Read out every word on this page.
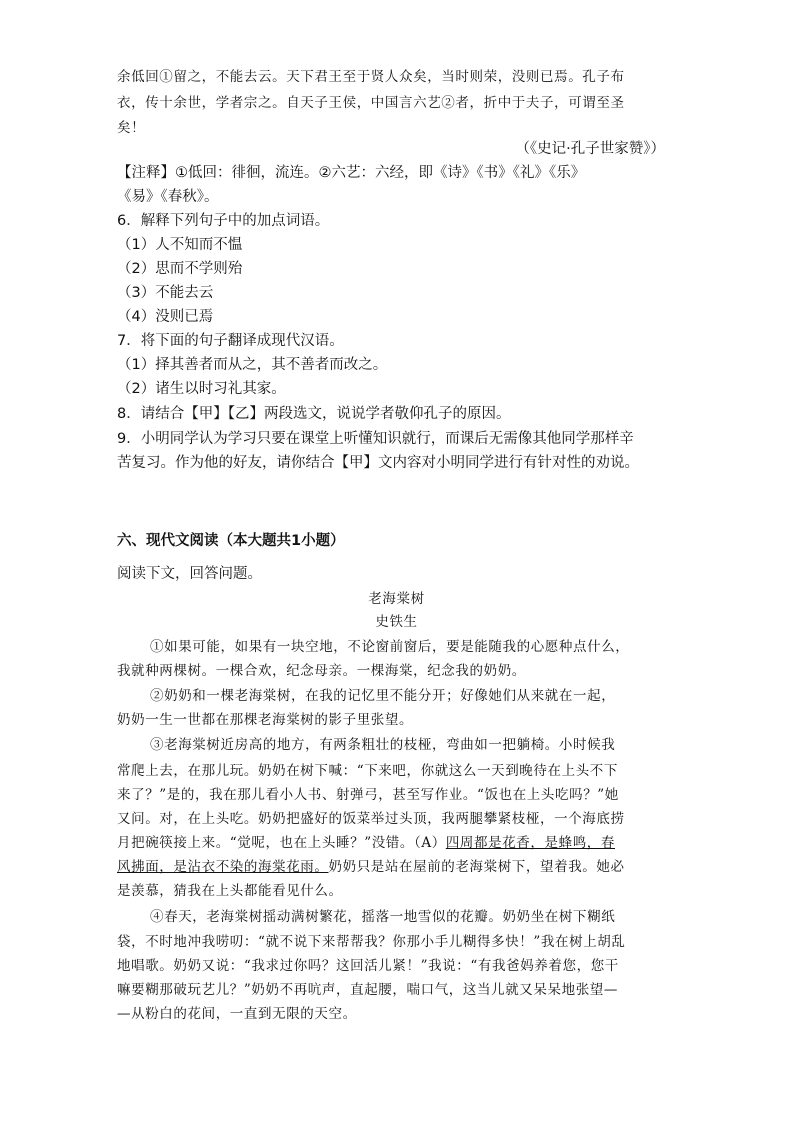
余低回①留之，不能去云。天下君王至于贤人众矣，当时则荣，没则已焉。孔子布
衣，传十余世，学者宗之。自天子王侯，中国言六艺②者，折中于夫子，可谓至圣
矣！
（《史记·孔子世家赞》）
【注释】①低回：徘徊，流连。②六艺：六经，即《诗》《书》《礼》《乐》
《易》《春秋》。
6．解释下列句子中的加点词语。
（1）人不知而不愠
（2）思而不学则殆
（3）不能去云
（4）没则已焉
7．将下面的句子翻译成现代汉语。
（1）择其善者而从之，其不善者而改之。
（2）诸生以时习礼其家。
8．请结合【甲】【乙】两段选文，说说学者敬仰孔子的原因。
9．小明同学认为学习只要在课堂上听懂知识就行，而课后无需像其他同学那样辛
苦复习。作为他的好友，请你结合【甲】文内容对小明同学进行有针对性的劝说。
六、现代文阅读（本大题共1小题）
阅读下文，回答问题。
老海棠树
史铁生
①如果可能，如果有一块空地，不论窗前窗后，要是能随我的心愿种点什么，
我就种两棵树。一棵合欢，纪念母亲。一棵海棠，纪念我的奶奶。
②奶奶和一棵老海棠树，在我的记忆里不能分开；好像她们从来就在一起，
奶奶一生一世都在那棵老海棠树的影子里张望。
③老海棠树近房高的地方，有两条粗壮的枝桠，弯曲如一把躺椅。小时候我
常爬上去，在那儿玩。奶奶在树下喊：“下来吧，你就这么一天到晚待在上头不下
来了？”是的，我在那儿看小人书、射弹弓，甚至写作业。“饭也在上头吃吗？”她
又问。对，在上头吃。奶奶把盛好的饭菜举过头顶，我两腿攀紧枝桠，一个海底捞
月把碗筷接上来。“觉呢，也在上头睡？”没错。（A）四周都是花香，是蜂鸣，春
风拂面，是沾衣不染的海棠花雨。奶奶只是站在屋前的老海棠树下，望着我。她必
是羡慕，猜我在上头都能看见什么。
④春天，老海棠树摇动满树繁花，摇落一地雪似的花瓣。奶奶坐在树下糊纸
袋，不时地冲我唠叨：“就不说下来帮帮我？你那小手儿糊得多快！”我在树上胡乱
地唱歌。奶奶又说：“我求过你吗？这回活儿紧！”我说：“有我爸妈养着您，您干
嘛要糊那破玩艺儿？”奶奶不再吭声，直起腰，喘口气，这当儿就又呆呆地张望—
—从粉白的花间，一直到无限的天空。
